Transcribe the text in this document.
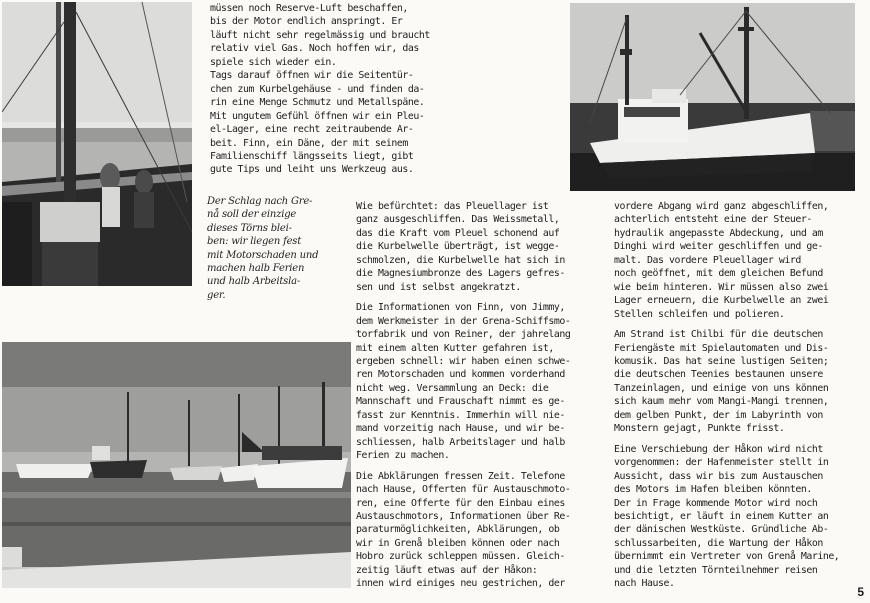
Der Schlag nach Gre-
nå soll der einzige
dieses Törns blei-
ben: wir liegen fest
mit Motorschaden und
machen halb Ferien
und halb Arbeitsla-
ger.

müssen noch Reserve-Luft beschaffen,
bis der Motor endlich anspringt. Er
läuft nicht sehr regelmässig und braucht
relativ viel Gas. Noch hoffen wir, das
spiele sich wieder ein.
Tags darauf öffnen wir die Seitentür-
chen zum Kurbelgehäuse - und finden da-
rin eine Menge Schmutz und Metallspäne.
Mit ungutem Gefühl öffnen wir ein Pleu-
el-Lager, eine recht zeitraubende Ar-
beit. Finn, ein Däne, der mit seinem
Familienschiff längsseits liegt, gibt
gute Tips und leiht uns Werkzeug aus.

Wie befürchtet: das Pleuellager ist
ganz ausgeschliffen. Das Weissmetall,
das die Kraft vom Pleuel schonend auf
die Kurbelwelle überträgt, ist wegge-
schmolzen, die Kurbelwelle hat sich in
die Magnesiumbronze des Lagers gefres-
sen und ist selbst angekratzt.

Die Informationen von Finn, von Jimmy,
dem Werkmeister in der Grena-Schiffsmo-
torfabrik und von Reiner, der jahrelang
mit einem alten Kutter gefahren ist,
ergeben schnell: wir haben einen schwe-
ren Motorschaden und kommen vorderhand
nicht weg. Versammlung an Deck: die
Mannschaft und Frauschaft nimmt es ge-
fasst zur Kenntnis. Immerhin will nie-
mand vorzeitig nach Hause, und wir be-
schliessen, halb Arbeitslager und halb
Ferien zu machen.

Die Abklärungen fressen Zeit. Telefone
nach Hause, Offerten für Austauschmoto-
ren, eine Offerte für den Einbau eines
Austauschmotors, Informationen über Re-
paraturmöglichkeiten, Abklärungen, ob
wir in Grenå bleiben können oder nach
Hobro zurück schleppen müssen. Gleich-
zeitig läuft etwas auf der Håkon:
innen wird einiges neu gestrichen, der

vordere Abgang wird ganz abgeschliffen,
achterlich entsteht eine der Steuer-
hydraulik angepasste Abdeckung, und am
Dinghi wird weiter geschliffen und ge-
malt. Das vordere Pleuellager wird
noch geöffnet, mit dem gleichen Befund
wie beim hinteren. Wir müssen also zwei
Lager erneuern, die Kurbelwelle an zwei
Stellen schleifen und polieren.

Am Strand ist Chilbi für die deutschen
Feriengäste mit Spielautomaten und Dis-
komusik. Das hat seine lustigen Seiten;
die deutschen Teenies bestaunen unsere
Tanzeinlagen, und einige von uns können
sich kaum mehr vom Mangi-Mangi trennen,
dem gelben Punkt, der im Labyrinth von
Monstern gejagt, Punkte frisst.

Eine Verschiebung der Håkon wird nicht
vorgenommen: der Hafenmeister stellt in
Aussicht, dass wir bis zum Austauschen
des Motors im Hafen bleiben könnten.
Der in Frage kommende Motor wird noch
besichtigt, er läuft in einem Kutter an
der dänischen Westküste. Gründliche Ab-
schlussarbeiten, die Wartung der Håkon
übernimmt ein Vertreter von Grenå Marine,
und die letzten Törnteilnehmer reisen
nach Hause.

5
